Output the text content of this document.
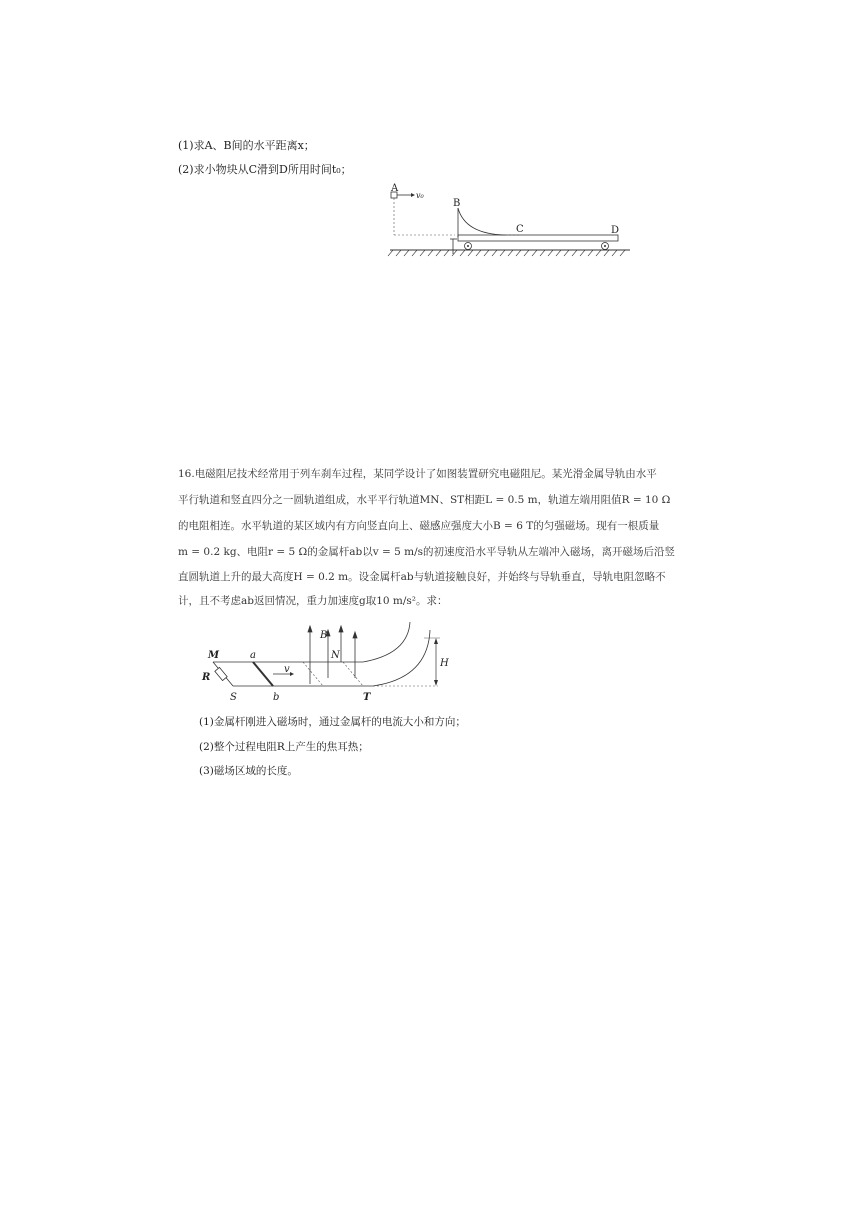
(1)求A、B间的水平距离x；
(2)求小物块从C滑到D所用时间t₀；
A
v₀
B
C	D
16.电磁阻尼技术经常用于列车刹车过程，某同学设计了如图装置研究电磁阻尼。某光滑金属导轨由水平
平行轨道和竖直四分之一圆轨道组成，水平平行轨道MN、ST相距L = 0.5 m，轨道左端用阻值R = 10 Ω
的电阻相连。水平轨道的某区域内有方向竖直向上、磁感应强度大小B = 6 T的匀强磁场。现有一根质量
m = 0.2 kg、电阻r = 5 Ω的金属杆ab以v = 5 m/s的初速度沿水平导轨从左端冲入磁场，离开磁场后沿竖
直圆轨道上升的最大高度H = 0.2 m。设金属杆ab与轨道接触良好，并始终与导轨垂直，导轨电阻忽略不
计，且不考虑ab返回情况，重力加速度g取10 m/s²。求：
M	a
B
N
H
R
v
S	b	T
(1)金属杆刚进入磁场时，通过金属杆的电流大小和方向；
(2)整个过程电阻R上产生的焦耳热；
(3)磁场区域的长度。
